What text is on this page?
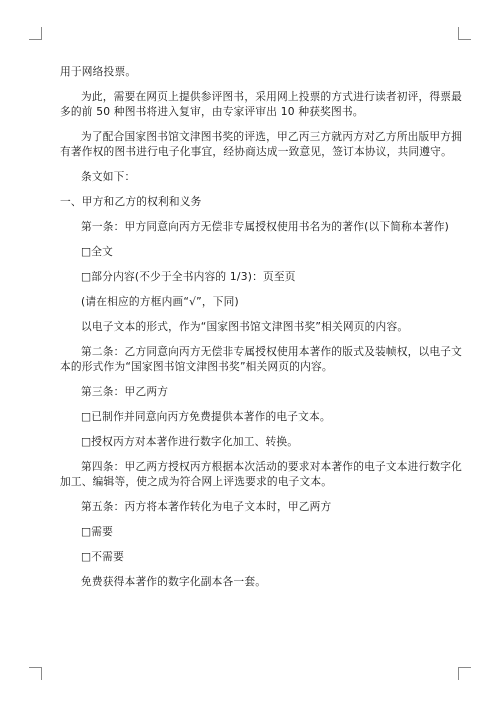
用于网络投票。

为此，需要在网页上提供参评图书，采用网上投票的方式进行读者初评，得票最

多的前 50 种图书将进入复审，由专家评审出 10 种获奖图书。

为了配合国家图书馆文津图书奖的评选，甲乙丙三方就丙方对乙方所出版甲方拥

有著作权的图书进行电子化事宜，经协商达成一致意见，签订本协议，共同遵守。

条文如下：

一、甲方和乙方的权利和义务

第一条：甲方同意向丙方无偿非专属授权使用书名为的著作(以下简称本著作)

□全文

□部分内容(不少于全书内容的 1/3)：页至页

(请在相应的方框内画“√”，下同)

以电子文本的形式，作为“国家图书馆文津图书奖”相关网页的内容。

第二条：乙方同意向丙方无偿非专属授权使用本著作的版式及装帧权，以电子文

本的形式作为“国家图书馆文津图书奖”相关网页的内容。

第三条：甲乙两方

□已制作并同意向丙方免费提供本著作的电子文本。

□授权丙方对本著作进行数字化加工、转换。

第四条：甲乙两方授权丙方根据本次活动的要求对本著作的电子文本进行数字化

加工、编辑等，使之成为符合网上评选要求的电子文本。

第五条：丙方将本著作转化为电子文本时，甲乙两方

□需要

□不需要

免费获得本著作的数字化副本各一套。
